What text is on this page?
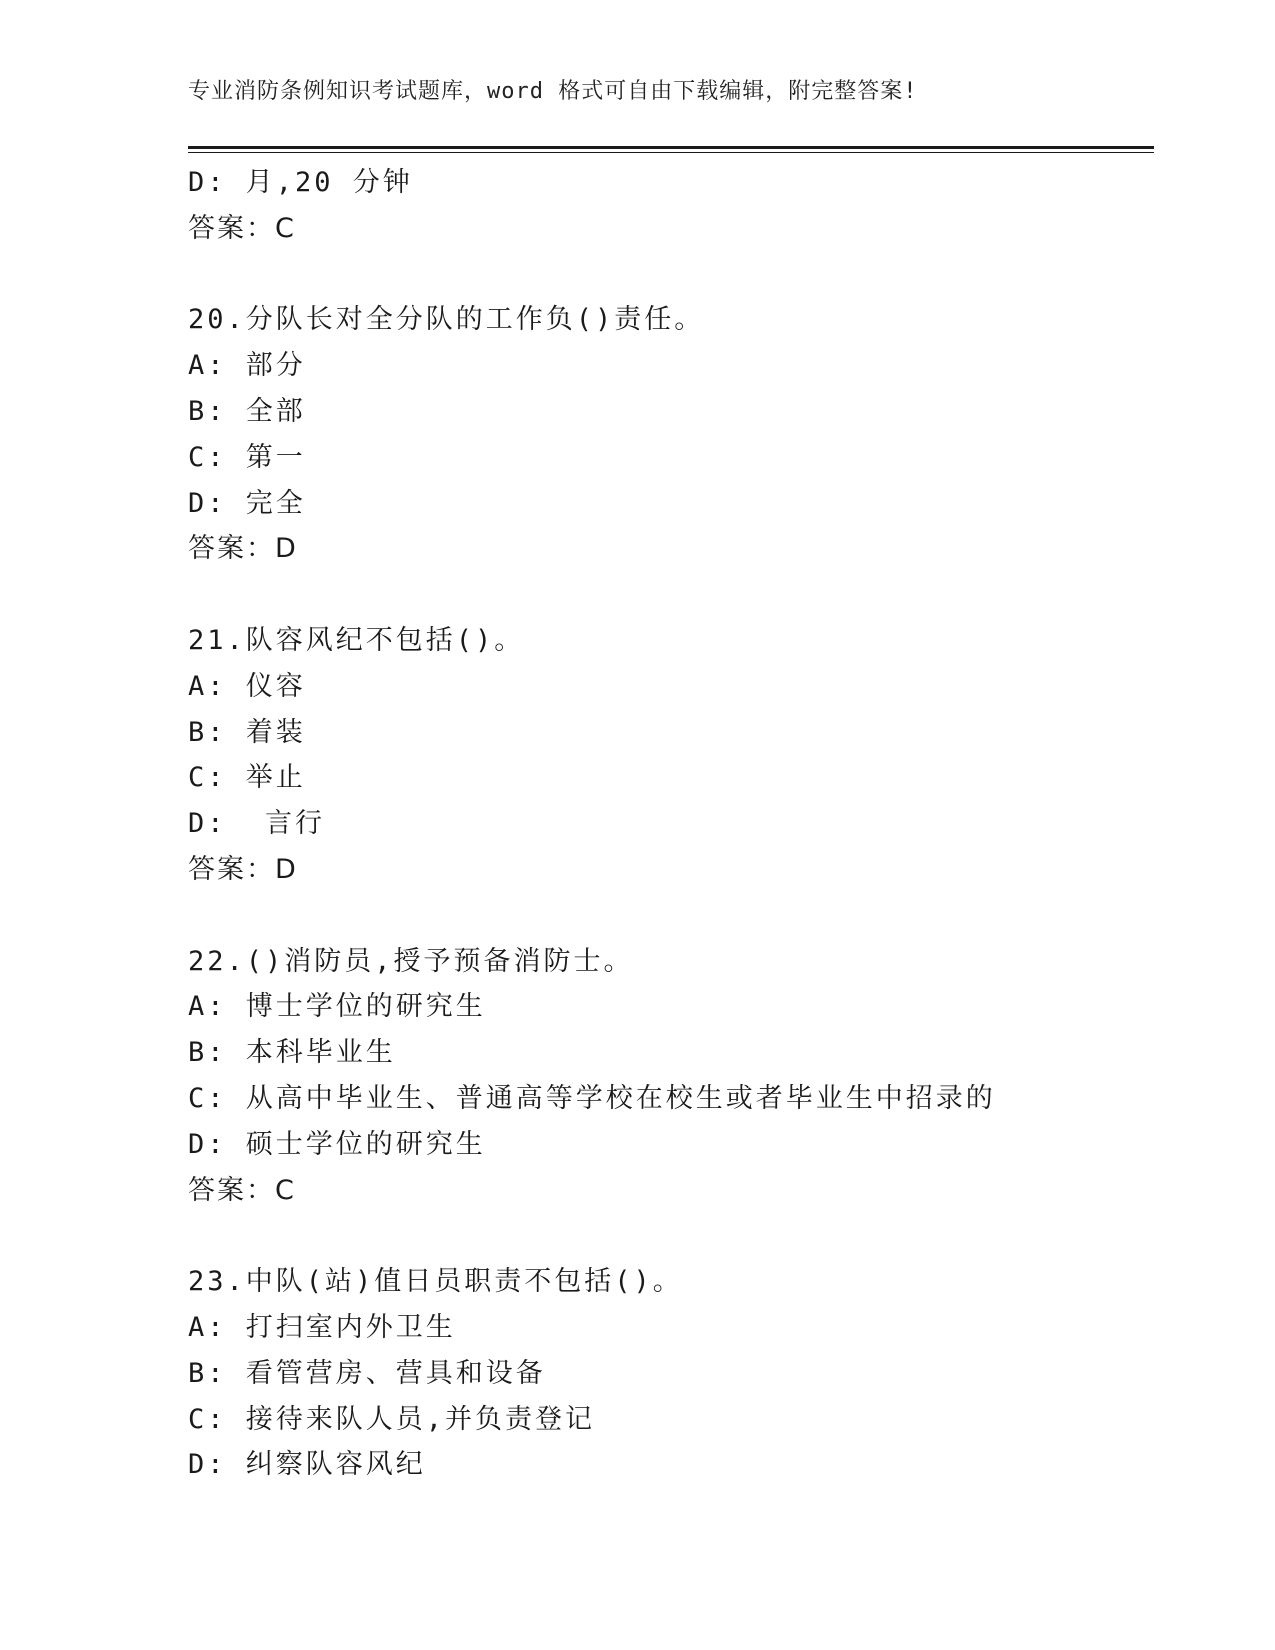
专业消防条例知识考试题库，word 格式可自由下载编辑，附完整答案!
D: 月,20 分钟
答案：C
20.分队长对全分队的工作负()责任。
A: 部分
B: 全部
C: 第一
D: 完全
答案：D
21.队容风纪不包括()。
A: 仪容
B: 着装
C: 举止
D:  言行
答案：D
22.()消防员,授予预备消防士。
A: 博士学位的研究生
B: 本科毕业生
C: 从高中毕业生、普通高等学校在校生或者毕业生中招录的
D: 硕士学位的研究生
答案：C
23.中队(站)值日员职责不包括()。
A: 打扫室内外卫生
B: 看管营房、营具和设备
C: 接待来队人员,并负责登记
D: 纠察队容风纪
